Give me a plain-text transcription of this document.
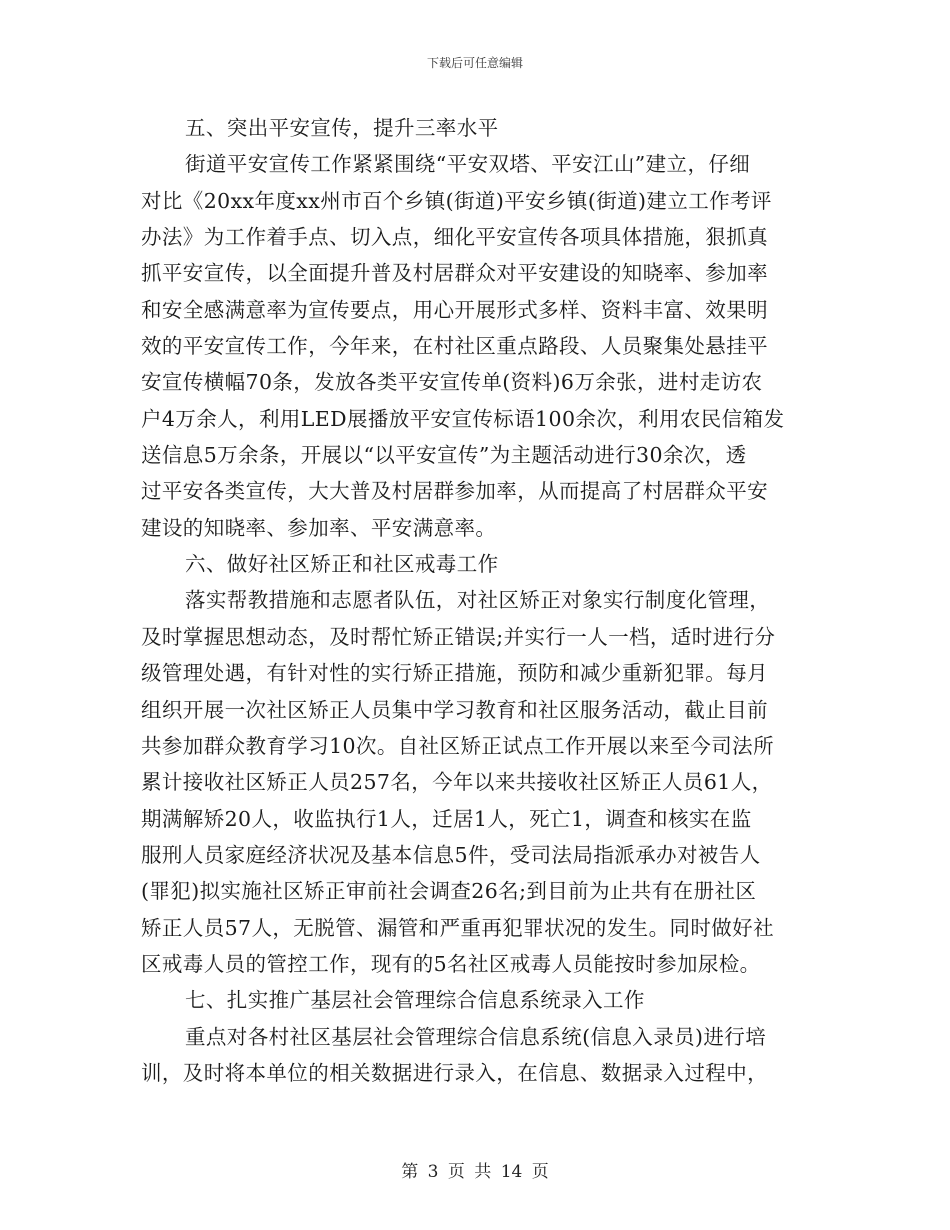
下载后可任意编辑
五、突出平安宣传，提升三率水平
街道平安宣传工作紧紧围绕“平安双塔、平安江山”建立，仔细
对比《20xx年度xx州市百个乡镇(街道)平安乡镇(街道)建立工作考评
办法》为工作着手点、切入点，细化平安宣传各项具体措施，狠抓真
抓平安宣传，以全面提升普及村居群众对平安建设的知晓率、参加率
和安全感满意率为宣传要点，用心开展形式多样、资料丰富、效果明
效的平安宣传工作，今年来，在村社区重点路段、人员聚集处悬挂平
安宣传横幅70条，发放各类平安宣传单(资料)6万余张，进村走访农
户4万余人，利用LED展播放平安宣传标语100余次，利用农民信箱发
送信息5万余条，开展以“以平安宣传”为主题活动进行30余次，透
过平安各类宣传，大大普及村居群参加率，从而提高了村居群众平安
建设的知晓率、参加率、平安满意率。
六、做好社区矫正和社区戒毒工作
落实帮教措施和志愿者队伍，对社区矫正对象实行制度化管理，
及时掌握思想动态，及时帮忙矫正错误;并实行一人一档，适时进行分
级管理处遇，有针对性的实行矫正措施，预防和减少重新犯罪。每月
组织开展一次社区矫正人员集中学习教育和社区服务活动，截止目前
共参加群众教育学习10次。自社区矫正试点工作开展以来至今司法所
累计接收社区矫正人员257名，今年以来共接收社区矫正人员61人，
期满解矫20人，收监执行1人，迁居1人，死亡1，调查和核实在监
服刑人员家庭经济状况及基本信息5件，受司法局指派承办对被告人
(罪犯)拟实施社区矫正审前社会调查26名;到目前为止共有在册社区
矫正人员57人，无脱管、漏管和严重再犯罪状况的发生。同时做好社
区戒毒人员的管控工作，现有的5名社区戒毒人员能按时参加尿检。
七、扎实推广基层社会管理综合信息系统录入工作
重点对各村社区基层社会管理综合信息系统(信息入录员)进行培
训，及时将本单位的相关数据进行录入，在信息、数据录入过程中，
第 3 页 共 14 页
